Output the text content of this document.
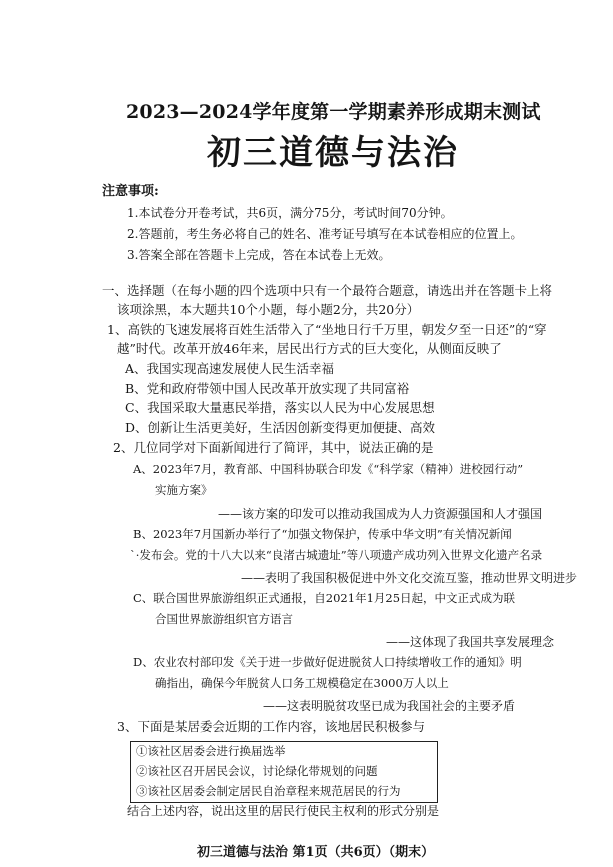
2023—2024学年度第一学期素养形成期末测试
初三道德与法治
注意事项:
1.本试卷分开卷考试，共6页，满分75分，考试时间70分钟。
2.答题前，考生务必将自己的姓名、准考证号填写在本试卷相应的位置上。
3.答案全部在答题卡上完成，答在本试卷上无效。
一、选择题（在每小题的四个选项中只有一个最符合题意，请选出并在答题卡上将
该项涂黑，本大题共10个小题，每小题2分，共20分）
1、高铁的飞速发展将百姓生活带入了“坐地日行千万里，朝发夕至一日还”的“穿
越”时代。改革开放46年来，居民出行方式的巨大变化，从侧面反映了
A、我国实现高速发展使人民生活幸福
B、党和政府带领中国人民改革开放实现了共同富裕
C、我国采取大量惠民举措，落实以人民为中心发展思想
D、创新让生活更美好，生活因创新变得更加便捷、高效
2、几位同学对下面新闻进行了简评，其中，说法正确的是
A、2023年7月，教育部、中国科协联合印发《“科学家（精神）进校园行动”
实施方案》
——该方案的印发可以推动我国成为人力资源强国和人才强国
B、2023年7月国新办举行了“加强文物保护，传承中华文明”有关情况新闻
`·发布会。党的十八大以来“良渚古城遗址”等八项遗产成功列入世界文化遗产名录
——表明了我国积极促进中外文化交流互鉴，推动世界文明进步
C、联合国世界旅游组织正式通报，自2021年1月25日起，中文正式成为联
合国世界旅游组织官方语言
——这体现了我国共享发展理念
D、农业农村部印发《关于进一步做好促进脱贫人口持续增收工作的通知》明
确指出，确保今年脱贫人口务工规模稳定在3000万人以上
——这表明脱贫攻坚已成为我国社会的主要矛盾
3、下面是某居委会近期的工作内容，该地居民积极参与
①该社区居委会进行换届选举
②该社区召开居民会议，讨论绿化带规划的问题
③该社区居委会制定居民自治章程来规范居民的行为
结合上述内容，说出这里的居民行使民主权利的形式分别是
初三道德与法治 第1页（共6页）（期末）
